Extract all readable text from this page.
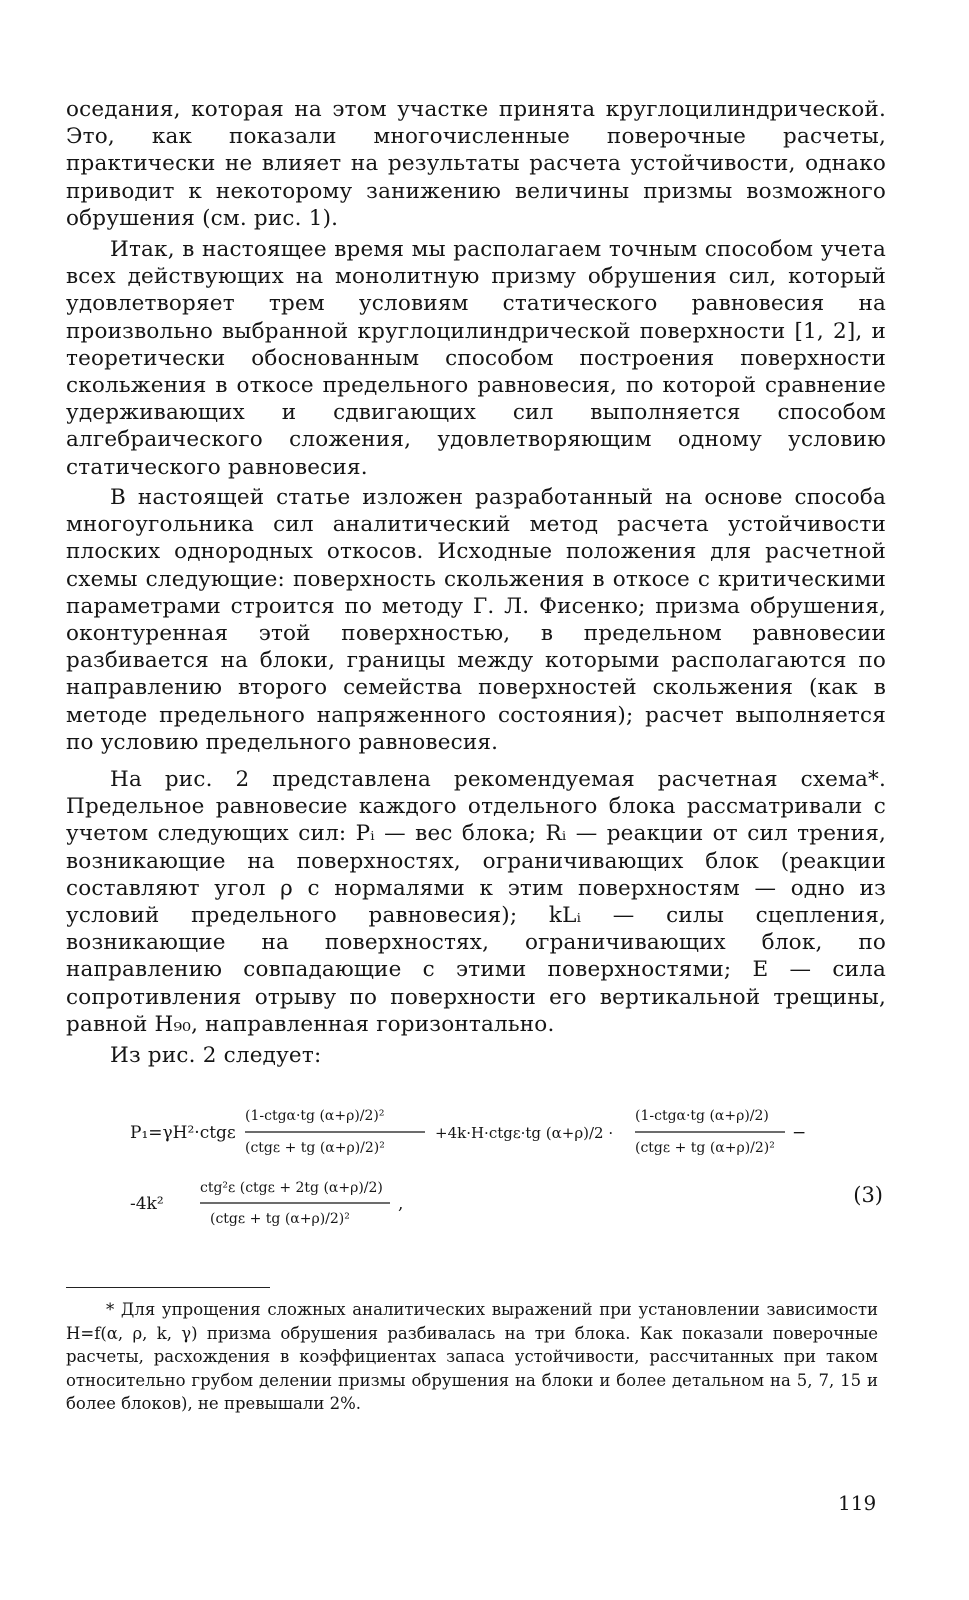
оседания, которая на этом участке принята круглоцилиндрической. Это, как показали многочисленные поверочные расчеты, практически не влияет на результаты расчета устойчивости, однако приводит к некоторому занижению величины призмы возможного обрушения (см. рис. 1).

Итак, в настоящее время мы располагаем точным способом учета всех действующих на монолитную призму обрушения сил, который удовлетворяет трем условиям статического равновесия на произвольно выбранной круглоцилиндрической поверхности [1, 2], и теоретически обоснованным способом построения поверхности скольжения в откосе предельного равновесия, по которой сравнение удерживающих и сдвигающих сил выполняется способом алгебраического сложения, удовлетворяющим одному условию статического равновесия.

В настоящей статье изложен разработанный на основе способа многоугольника сил аналитический метод расчета устойчивости плоских однородных откосов. Исходные положения для расчетной схемы следующие: поверхность скольжения в откосе с критическими параметрами строится по методу Г. Л. Фисенко; призма обрушения, оконтуренная этой поверхностью, в предельном равновесии разбивается на блоки, границы между которыми располагаются по направлению второго семейства поверхностей скольжения (как в методе предельного напряженного состояния); расчет выполняется по условию предельного равновесия.

На рис. 2 представлена рекомендуемая расчетная схема*. Предельное равновесие каждого отдельного блока рассматривали с учетом следующих сил: Pᵢ — вес блока; Rᵢ — реакции от сил трения, возникающие на поверхностях, ограничивающих блок (реакции составляют угол ρ с нормалями к этим поверхностям — одно из условий предельного равновесия); kLᵢ — силы сцепления, возникающие на поверхностях, ограничивающих блок, по направлению совпадающие с этими поверхностями; E — сила сопротивления отрыву по поверхности его вертикальной трещины, равной H₉₀, направленная горизонтально.

Из рис. 2 следует:

P₁=γH²·ctgε
(1-ctgα·tg (α+ρ)/2)²
(ctgε + tg (α+ρ)/2)²
+4k·H·ctgε·tg (α+ρ)/2 ·
(1-ctgα·tg (α+ρ)/2)
(ctgε + tg (α+ρ)/2)²
−
-4k²
ctg²ε (ctgε + 2tg (α+ρ)/2)
(ctgε + tg (α+ρ)/2)²
,	(3)

* Для упрощения сложных аналитических выражений при установлении зависимости H=f(α, ρ, k, γ) призма обрушения разбивалась на три блока. Как показали поверочные расчеты, расхождения в коэффициентах запаса устойчивости, рассчитанных при таком относительно грубом делении призмы обрушения на блоки и более детальном на 5, 7, 15 и более блоков), не превышали 2%.

119
